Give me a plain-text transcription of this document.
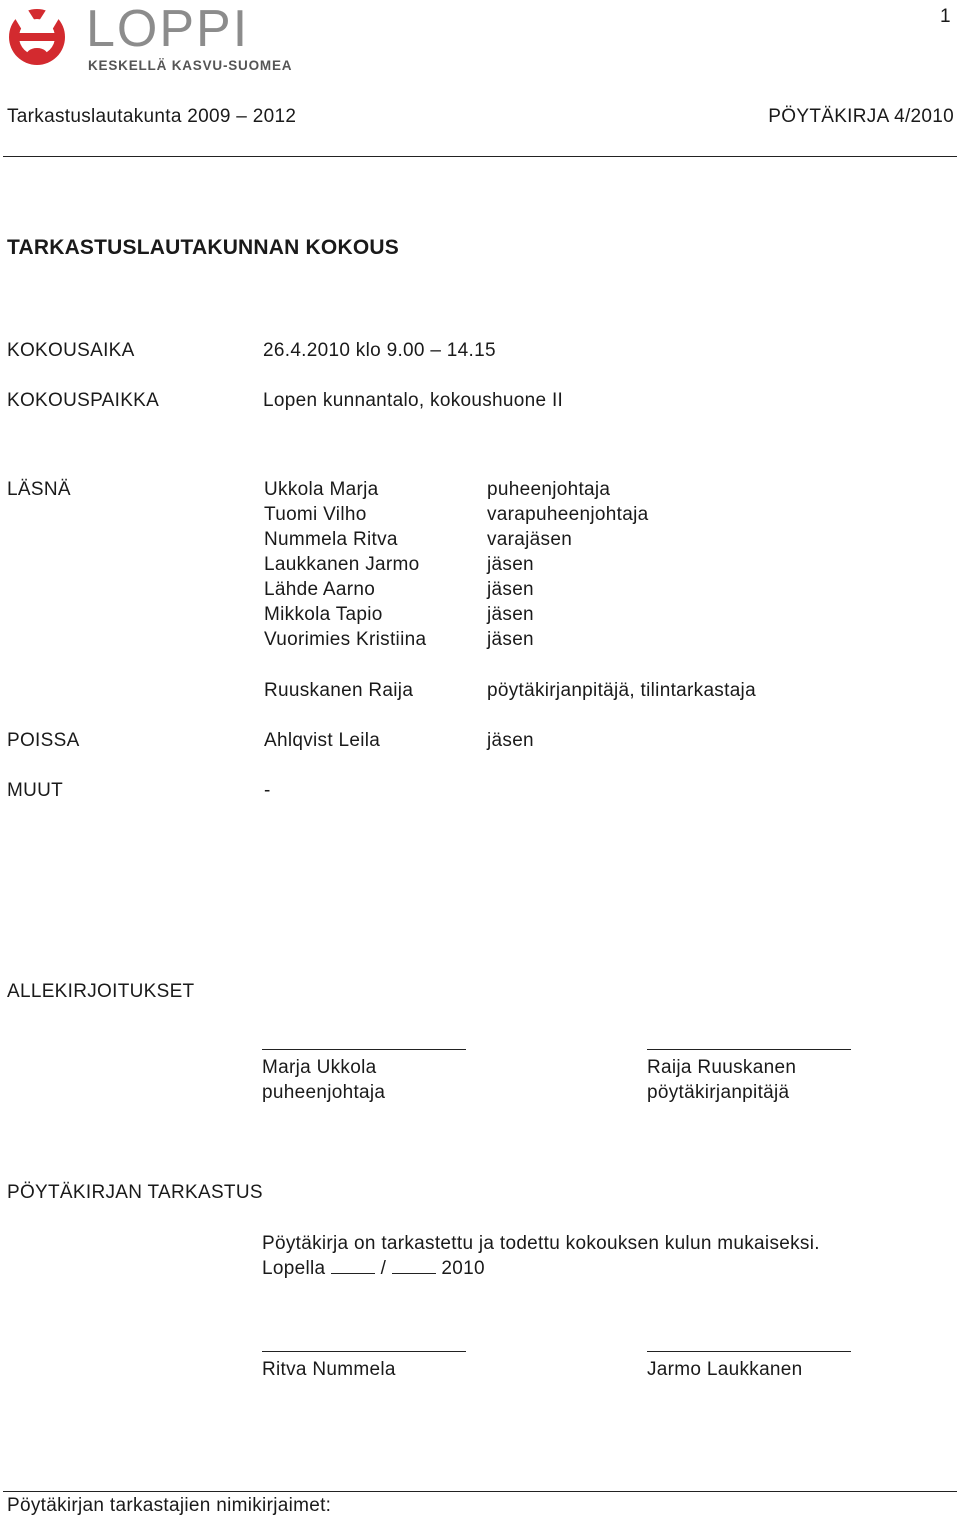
1
LOPPI
KESKELLÄ KASVU-SUOMEA
Tarkastuslautakunta 2009 – 2012	PÖYTÄKIRJA 4/2010
TARKASTUSLAUTAKUNNAN KOKOUS
KOKOUSAIKA	26.4.2010 klo 9.00 – 14.15
KOKOUSPAIKKA	Lopen kunnantalo, kokoushuone II
LÄSNÄ	Ukkola Marja	puheenjohtaja
Tuomi Vilho	varapuheenjohtaja
Nummela Ritva	varajäsen
Laukkanen Jarmo	jäsen
Lähde Aarno	jäsen
Mikkola Tapio	jäsen
Vuorimies Kristiina	jäsen
Ruuskanen Raija	pöytäkirjanpitäjä, tilintarkastaja
POISSA	Ahlqvist Leila	jäsen
MUUT	-
ALLEKIRJOITUKSET
Marja Ukkola
puheenjohtaja
Raija Ruuskanen
pöytäkirjanpitäjä
PÖYTÄKIRJAN TARKASTUS
Pöytäkirja on tarkastettu ja todettu kokouksen kulun mukaiseksi.
Lopella	/	2010
Ritva Nummela	Jarmo Laukkanen
Pöytäkirjan tarkastajien nimikirjaimet:
